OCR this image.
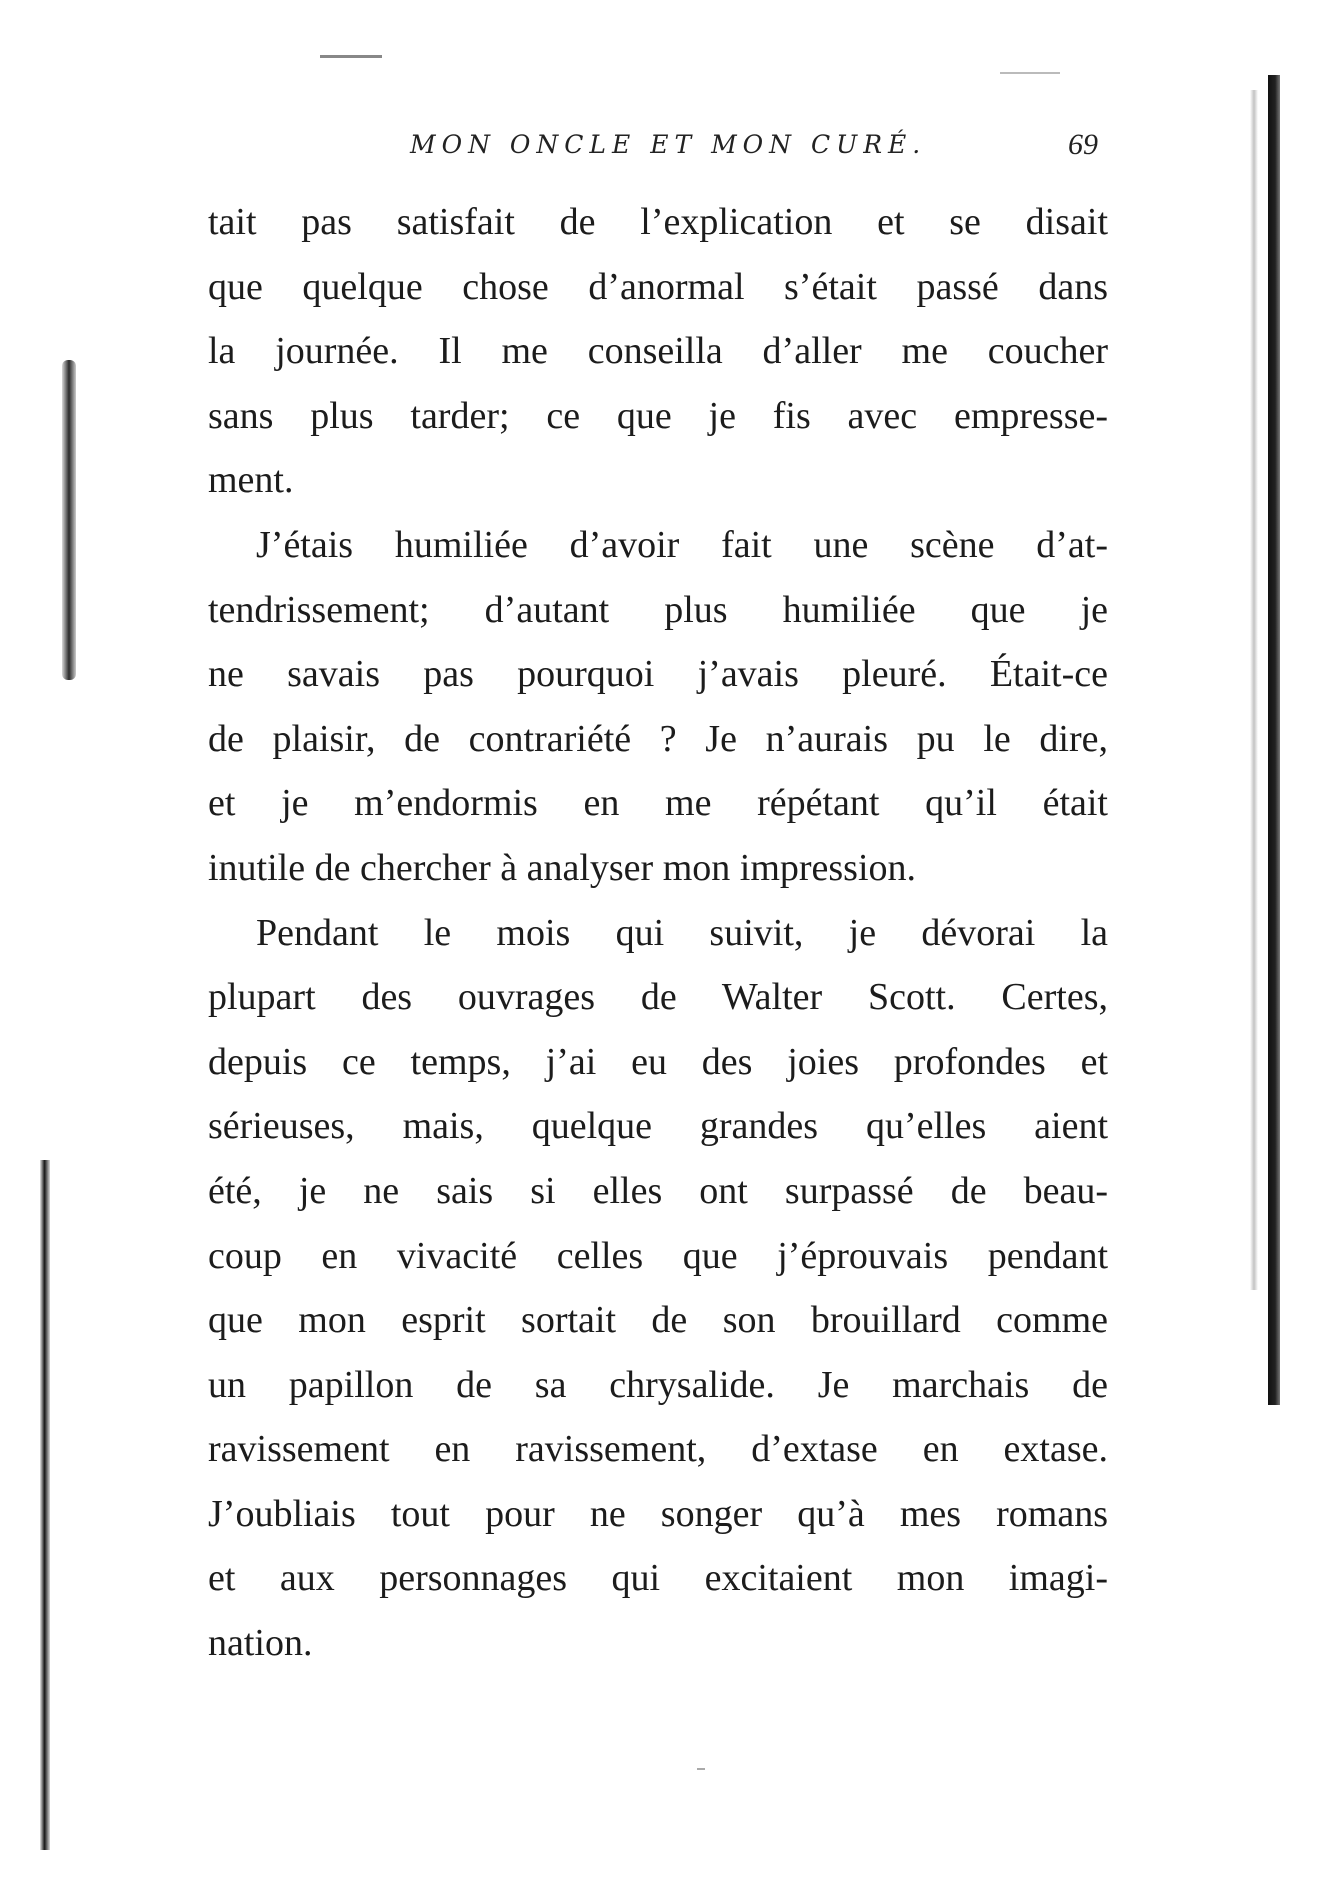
MON ONCLE ET MON CURÉ.	69
tait pas satisfait de l’explication et se disait
que quelque chose d’anormal s’était passé dans
la journée. Il me conseilla d’aller me coucher
sans plus tarder; ce que je fis avec empresse-
ment.
J’étais humiliée d’avoir fait une scène d’at-
tendrissement; d’autant plus humiliée que je
ne savais pas pourquoi j’avais pleuré. Était-ce
de plaisir, de contrariété ? Je n’aurais pu le dire,
et je m’endormis en me répétant qu’il était
inutile de chercher à analyser mon impression.
Pendant le mois qui suivit, je dévorai la
plupart des ouvrages de Walter Scott. Certes,
depuis ce temps, j’ai eu des joies profondes et
sérieuses, mais, quelque grandes qu’elles aient
été, je ne sais si elles ont surpassé de beau-
coup en vivacité celles que j’éprouvais pendant
que mon esprit sortait de son brouillard comme
un papillon de sa chrysalide. Je marchais de
ravissement en ravissement, d’extase en extase.
J’oubliais tout pour ne songer qu’à mes romans
et aux personnages qui excitaient mon imagi-
nation.
